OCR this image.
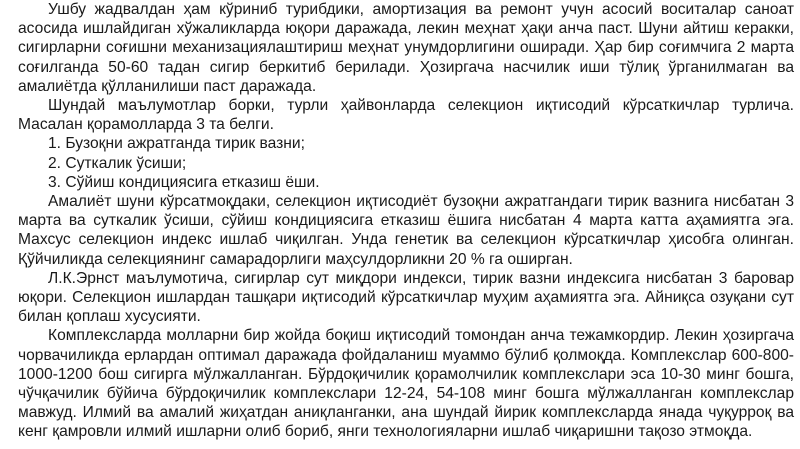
Ушбу жадвалдан ҳам кўриниб турибдики, амортизация ва ремонт учун асосий воситалар саноат асосида ишлайдиган хўжаликларда юқори даражада, лекин меҳнат ҳақи анча паст. Шуни айтиш керакки, сигирларни соғишни механизациялаштириш меҳнат унумдорлигини оширади. Ҳар бир соғимчига 2 марта соғилганда 50-60 тадан сигир беркитиб берилади. Ҳозиргача насчилик иши тўлиқ ўрганилмаган ва амалиётда қўлланилиши паст даражада.

Шундай маълумотлар борки, турли ҳайвонларда селекцион иқтисодий кўрсаткичлар турлича. Масалан қорамолларда 3 та белги.

1. Бузоқни ажратганда тирик вазни;

2. Суткалик ўсиши;

3. Сўйиш кондициясига етказиш ёши.

Амалиёт шуни кўрсатмоқдаки, селекцион иқтисодиёт бузоқни ажратгандаги тирик вазнига нисбатан 3 марта ва суткалик ўсиши, сўйиш кондициясига етказиш ёшига нисбатан 4 марта катта аҳамиятга эга. Махсус селекцион индекс ишлаб чиқилган. Унда генетик ва селекцион кўрсаткичлар ҳисобга олинган. Қўйчиликда селекциянинг самарадорлиги маҳсулдорликни 20 % га оширган.

Л.К.Эрнст маълумотича, сигирлар сут миқдори индекси, тирик вазни индексига нисбатан 3 баровар юқори. Селекцион ишлардан ташқари иқтисодий кўрсаткичлар муҳим аҳамиятга эга. Айниқса озуқани сут билан қоплаш хусусияти.

Комплексларда молларни бир жойда боқиш иқтисодий томондан анча тежамкордир. Лекин ҳозиргача чорвачиликда ерлардан оптимал даражада фойдаланиш муаммо бўлиб қолмоқда. Комплекслар 600-800-1000-1200 бош сигирга мўлжалланган. Бўрдоқичилик қорамолчилик комплекслари эса 10-30 минг бошга, чўчқачилик бўйича бўрдоқичилик комплекслари 12-24, 54-108 минг бошга мўлжалланган комплекслар мавжуд. Илмий ва амалий жиҳатдан аниқланганки, ана шундай йирик комплексларда янада чуқурроқ ва кенг қамровли илмий ишларни олиб бориб, янги технологияларни ишлаб чиқаришни тақозо этмоқда.
